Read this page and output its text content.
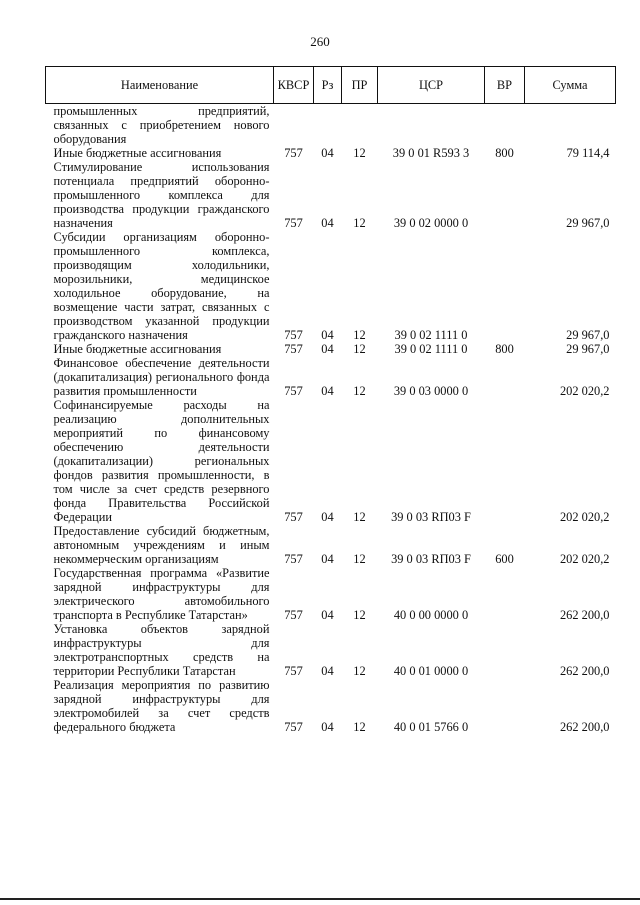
260
Наименование	КВСР	Рз	ПР	ЦСР	ВР	Сумма
промышленных предприятий, связанных с приобретением нового оборудования						
Иные бюджетные ассигнования	757	04	12	39 0 01 R593 3	800	79 114,4
Стимулирование использования потенциала предприятий оборонно-промышленного комплекса для производства продукции гражданского назначения	757	04	12	39 0 02 0000 0		29 967,0
Субсидии организациям оборонно-промышленного комплекса, производящим холодильники, морозильники, медицинское холодильное оборудование, на возмещение части затрат, связанных с производством указанной продукции гражданского назначения	757	04	12	39 0 02 1111 0		29 967,0
Иные бюджетные ассигнования	757	04	12	39 0 02 1111 0	800	29 967,0
Финансовое обеспечение деятельности (докапитализация) регионального фонда развития промышленности	757	04	12	39 0 03 0000 0		202 020,2
Софинансируемые расходы на реализацию дополнительных мероприятий по финансовому обеспечению деятельности (докапитализации) региональных фондов развития промышленности, в том числе за счет средств резервного фонда Правительства Российской Федерации	757	04	12	39 0 03 RП03 F		202 020,2
Предоставление субсидий бюджетным, автономным учреждениям и иным некоммерческим организациям	757	04	12	39 0 03 RП03 F	600	202 020,2
Государственная программа «Развитие зарядной инфраструктуры для электрического автомобильного транспорта в Республике Татарстан»	757	04	12	40 0 00 0000 0		262 200,0
Установка объектов зарядной инфраструктуры для электротранспортных средств на территории Республики Татарстан	757	04	12	40 0 01 0000 0		262 200,0
Реализация мероприятия по развитию зарядной инфраструктуры для электромобилей за счет средств федерального бюджета	757	04	12	40 0 01 5766 0		262 200,0
